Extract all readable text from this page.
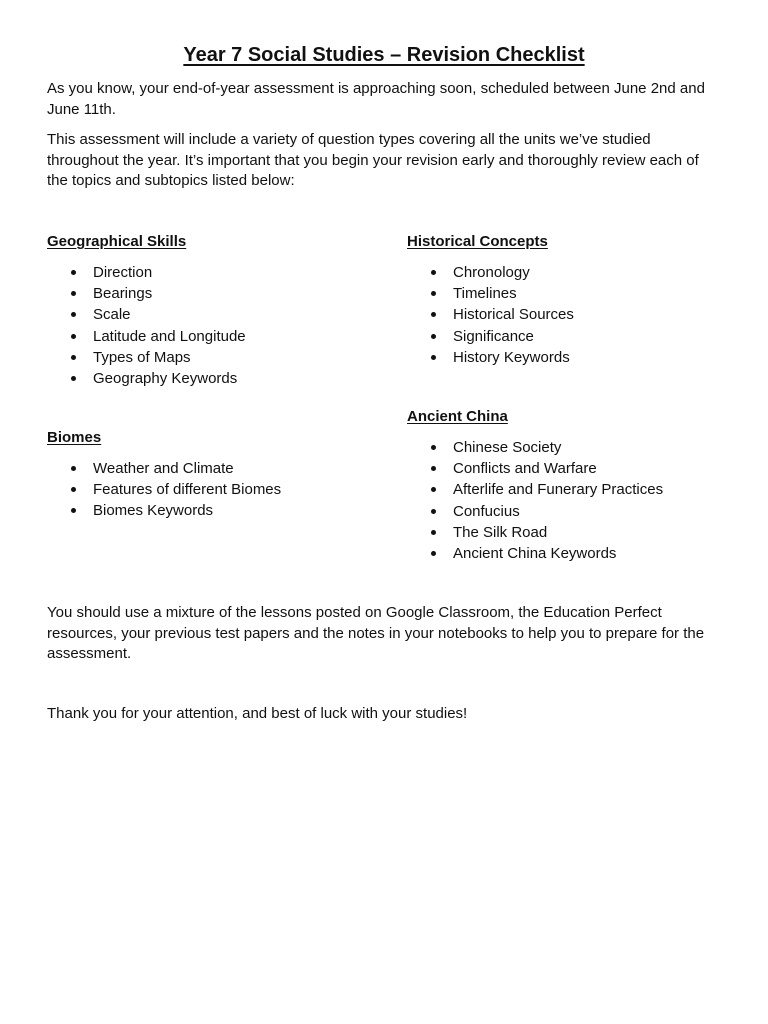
Year 7 Social Studies – Revision Checklist

As you know, your end-of-year assessment is approaching soon, scheduled between June 2nd and June 11th.

This assessment will include a variety of question types covering all the units we’ve studied throughout the year. It’s important that you begin your revision early and thoroughly review each of the topics and subtopics listed below:

Geographical Skills
Direction
Bearings
Scale
Latitude and Longitude
Types of Maps
Geography Keywords
Historical Concepts
Chronology
Timelines
Historical Sources
Significance
History Keywords
Biomes
Weather and Climate
Features of different Biomes
Biomes Keywords
Ancient China
Chinese Society
Conflicts and Warfare
Afterlife and Funerary Practices
Confucius
The Silk Road
Ancient China Keywords

You should use a mixture of the lessons posted on Google Classroom, the Education Perfect resources, your previous test papers and the notes in your notebooks to help you to prepare for the assessment.

Thank you for your attention, and best of luck with your studies!
